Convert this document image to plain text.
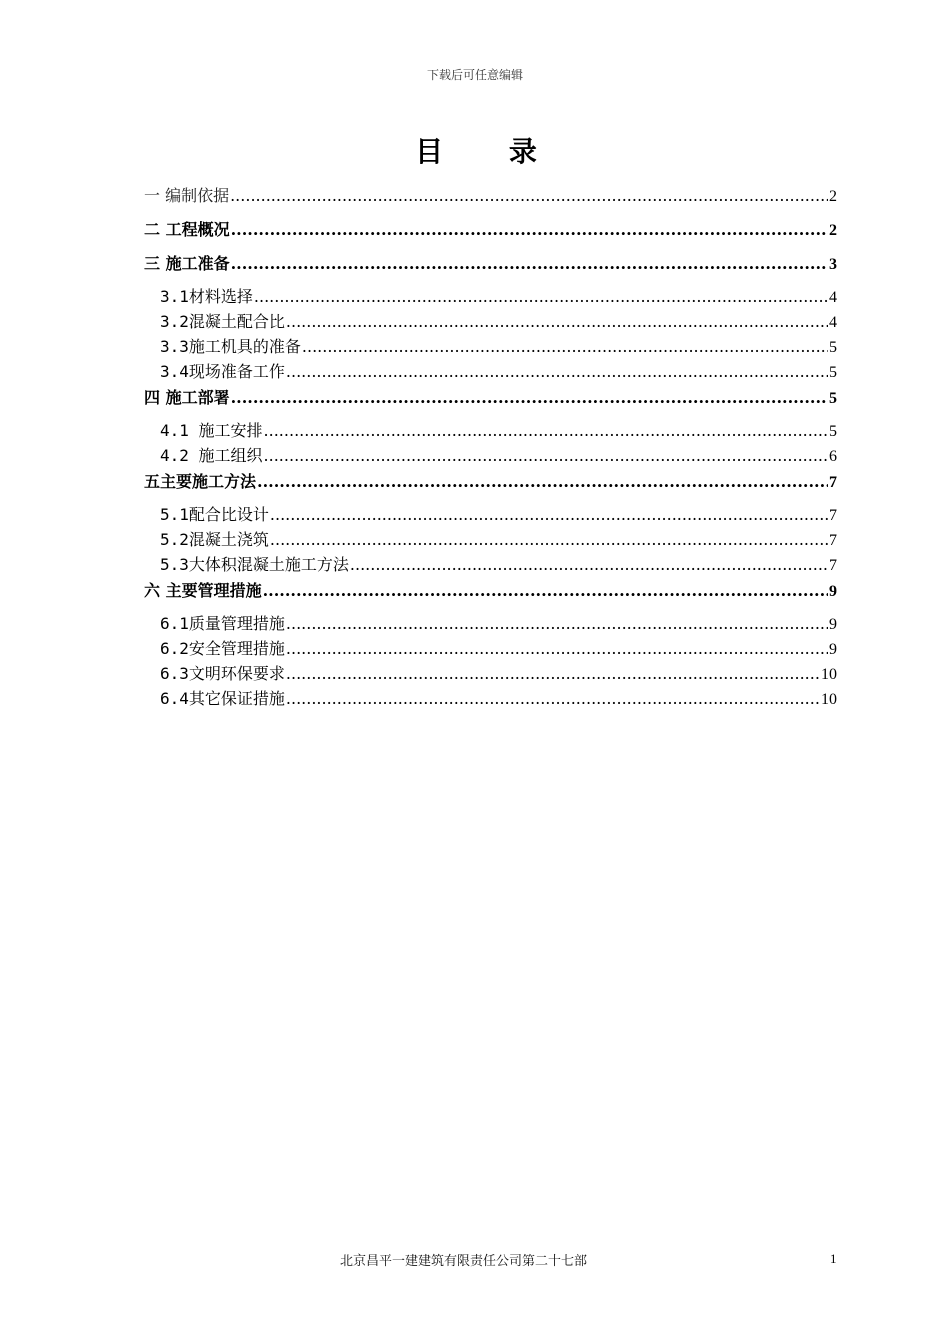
下载后可任意编辑
目 录
一 编制依据 .....	2
二 工程概况 .....	2
三 施工准备 .....	3
3.1材料选择 .....	4
3.2混凝土配合比 .....	4
3.3施工机具的准备 .....	5
3.4现场准备工作 .....	5
四 施工部署 .....	5
4.1 施工安排 .....	5
4.2 施工组织 .....	6
五主要施工方法 .....	7
5.1配合比设计 .....	7
5.2混凝土浇筑 .....	7
5.3大体积混凝土施工方法 .....	7
六 主要管理措施 .....	9
6.1质量管理措施 .....	9
6.2安全管理措施 .....	9
6.3文明环保要求 .....	10
6.4其它保证措施 .....	10
北京昌平一建建筑有限责任公司第二十七部	1
